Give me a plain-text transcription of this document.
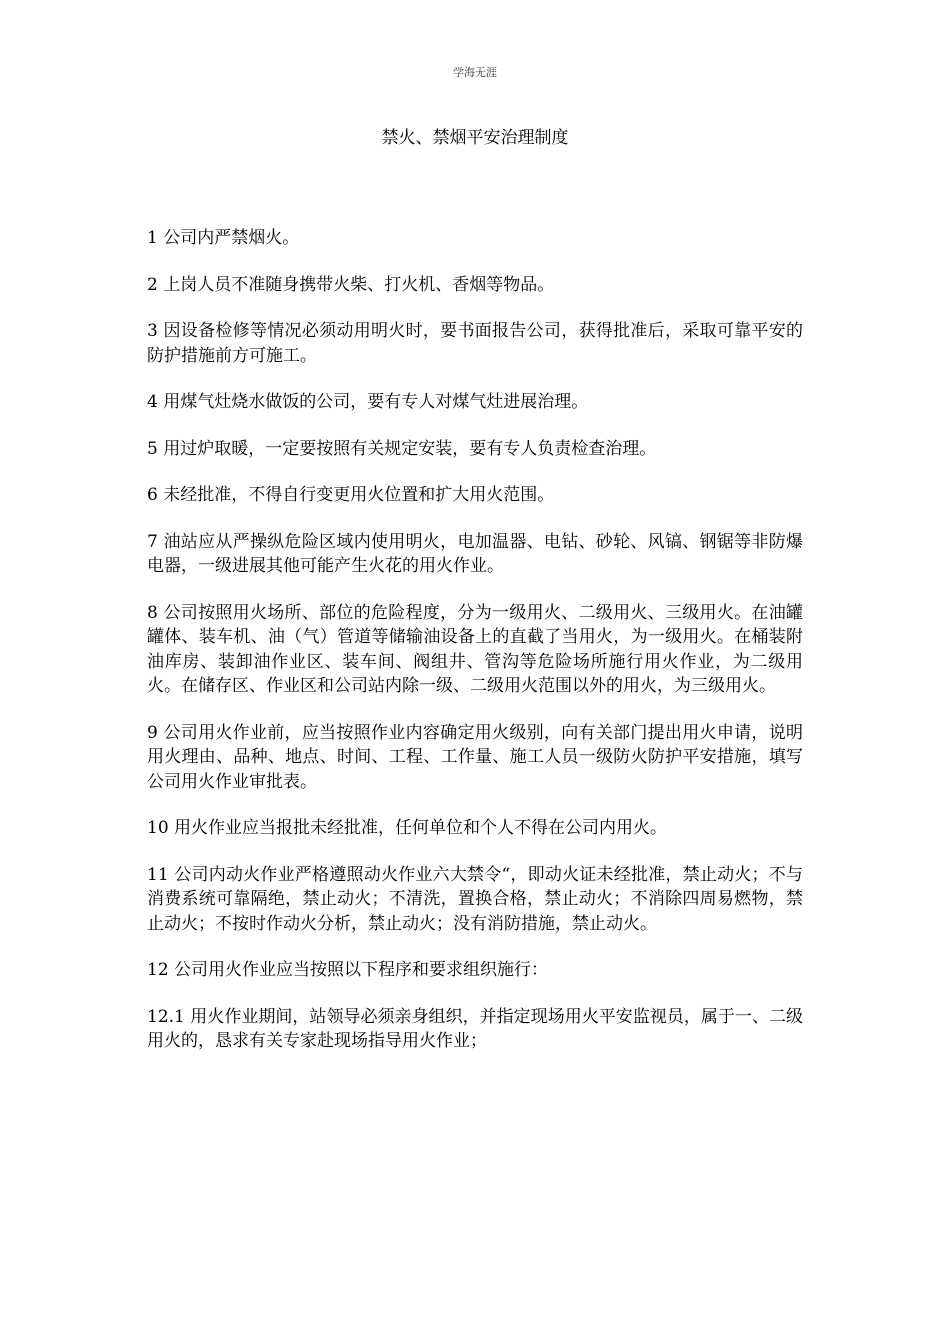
学海无涯
禁火、禁烟平安治理制度

1 公司内严禁烟火。

2 上岗人员不准随身携带火柴、打火机、香烟等物品。

3 因设备检修等情况必须动用明火时，要书面报告公司，获得批准后，采取可靠平安的防护措施前方可施工。

4 用煤气灶烧水做饭的公司，要有专人对煤气灶进展治理。

5 用过炉取暖，一定要按照有关规定安装，要有专人负责检查治理。

6 未经批准，不得自行变更用火位置和扩大用火范围。

7 油站应从严操纵危险区域内使用明火，电加温器、电钻、砂轮、风镐、钢锯等非防爆电器，一级进展其他可能产生火花的用火作业。

8 公司按照用火场所、部位的危险程度，分为一级用火、二级用火、三级用火。在油罐罐体、装车机、油（气）管道等储输油设备上的直截了当用火，为一级用火。在桶装附油库房、装卸油作业区、装车间、阀组井、管沟等危险场所施行用火作业，为二级用火。在储存区、作业区和公司站内除一级、二级用火范围以外的用火，为三级用火。

9 公司用火作业前，应当按照作业内容确定用火级别，向有关部门提出用火申请，说明用火理由、品种、地点、时间、工程、工作量、施工人员一级防火防护平安措施，填写公司用火作业审批表。

10 用火作业应当报批未经批准，任何单位和个人不得在公司内用火。

11 公司内动火作业严格遵照动火作业六大禁令“，即动火证未经批准，禁止动火；不与消费系统可靠隔绝，禁止动火；不清洗，置换合格，禁止动火；不消除四周易燃物，禁止动火；不按时作动火分析，禁止动火；没有消防措施，禁止动火。

12 公司用火作业应当按照以下程序和要求组织施行：

12.1 用火作业期间，站领导必须亲身组织，并指定现场用火平安监视员，属于一、二级用火的，恳求有关专家赴现场指导用火作业；
